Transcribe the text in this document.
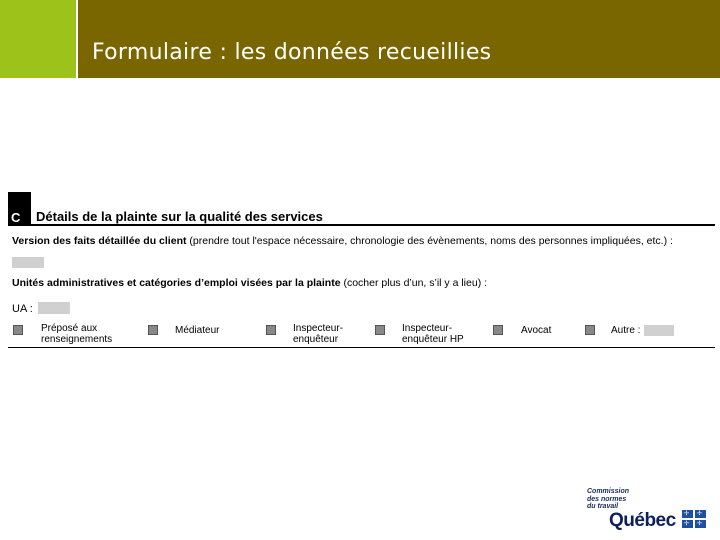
Formulaire : les données recueillies
C Détails de la plainte sur la qualité des services
Version des faits détaillée du client (prendre tout l'espace nécessaire, chronologie des évènements, noms des personnes impliquées, etc.) :
Unités administratives et catégories d’emploi visées par la plainte (cocher plus d’un, s’il y a lieu) :
UA :
Préposé aux
renseignements
Médiateur	Inspecteur-
enquêteur
Inspecteur-
enquêteur HP
Avocat	Autre :
Commission
des normes
du travail
Québec ✢ ✢
✢ ✢
